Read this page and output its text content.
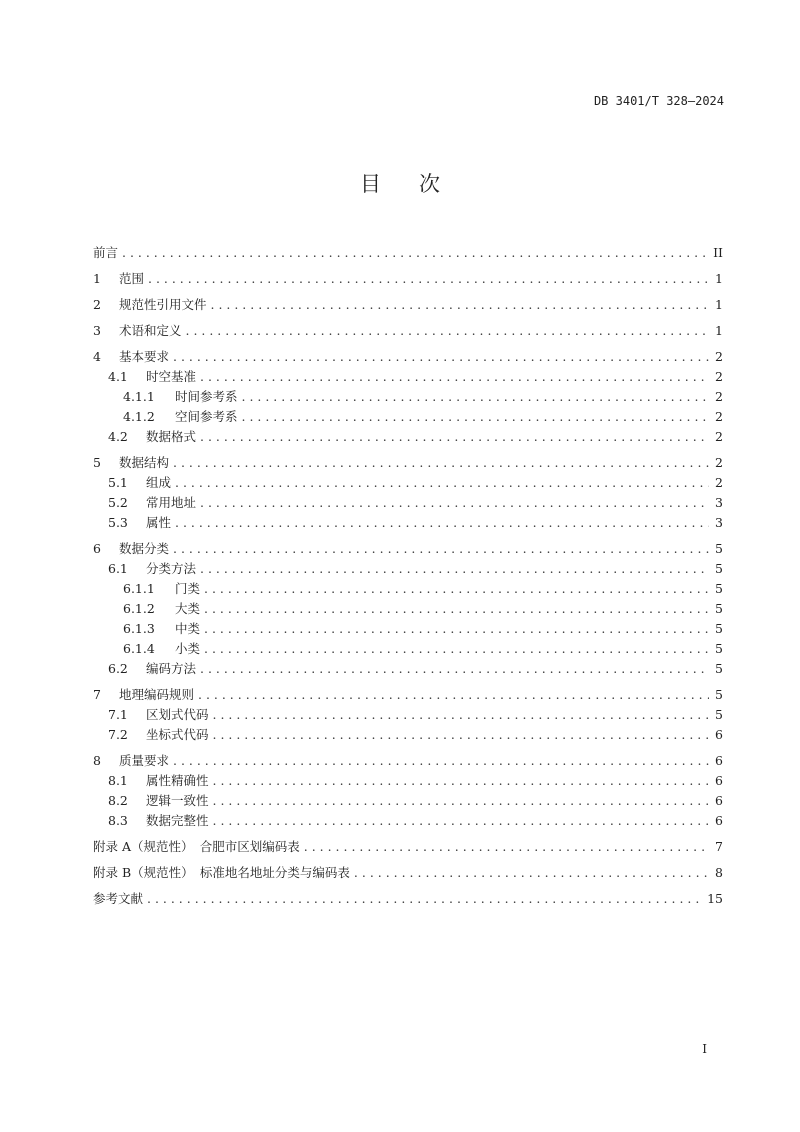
DB 3401/T 328—2024
目次
前言 . . .	II
1	范围 . . .	1
2	规范性引用文件 . . .	1
3	术语和定义 . . .	1
4	基本要求 . . .	2
4.1	时空基准 . . .	2
4.1.1	时间参考系 . . .	2
4.1.2	空间参考系 . . .	2
4.2	数据格式 . . .	2
5	数据结构 . . .	2
5.1	组成 . . .	2
5.2	常用地址 . . .	3
5.3	属性 . . .	3
6	数据分类 . . .	5
6.1	分类方法 . . .	5
6.1.1	门类 . . .	5
6.1.2	大类 . . .	5
6.1.3	中类 . . .	5
6.1.4	小类 . . .	5
6.2	编码方法 . . .	5
7	地理编码规则 . . .	5
7.1	区划式代码 . . .	5
7.2	坐标式代码 . . .	6
8	质量要求 . . .	6
8.1	属性精确性 . . .	6
8.2	逻辑一致性 . . .	6
8.3	数据完整性 . . .	6
附录 A（规范性）　合肥市区划编码表 . . .	7
附录 B（规范性）　标准地名地址分类与编码表 . . .	8
参考文献 . . .	15
I
